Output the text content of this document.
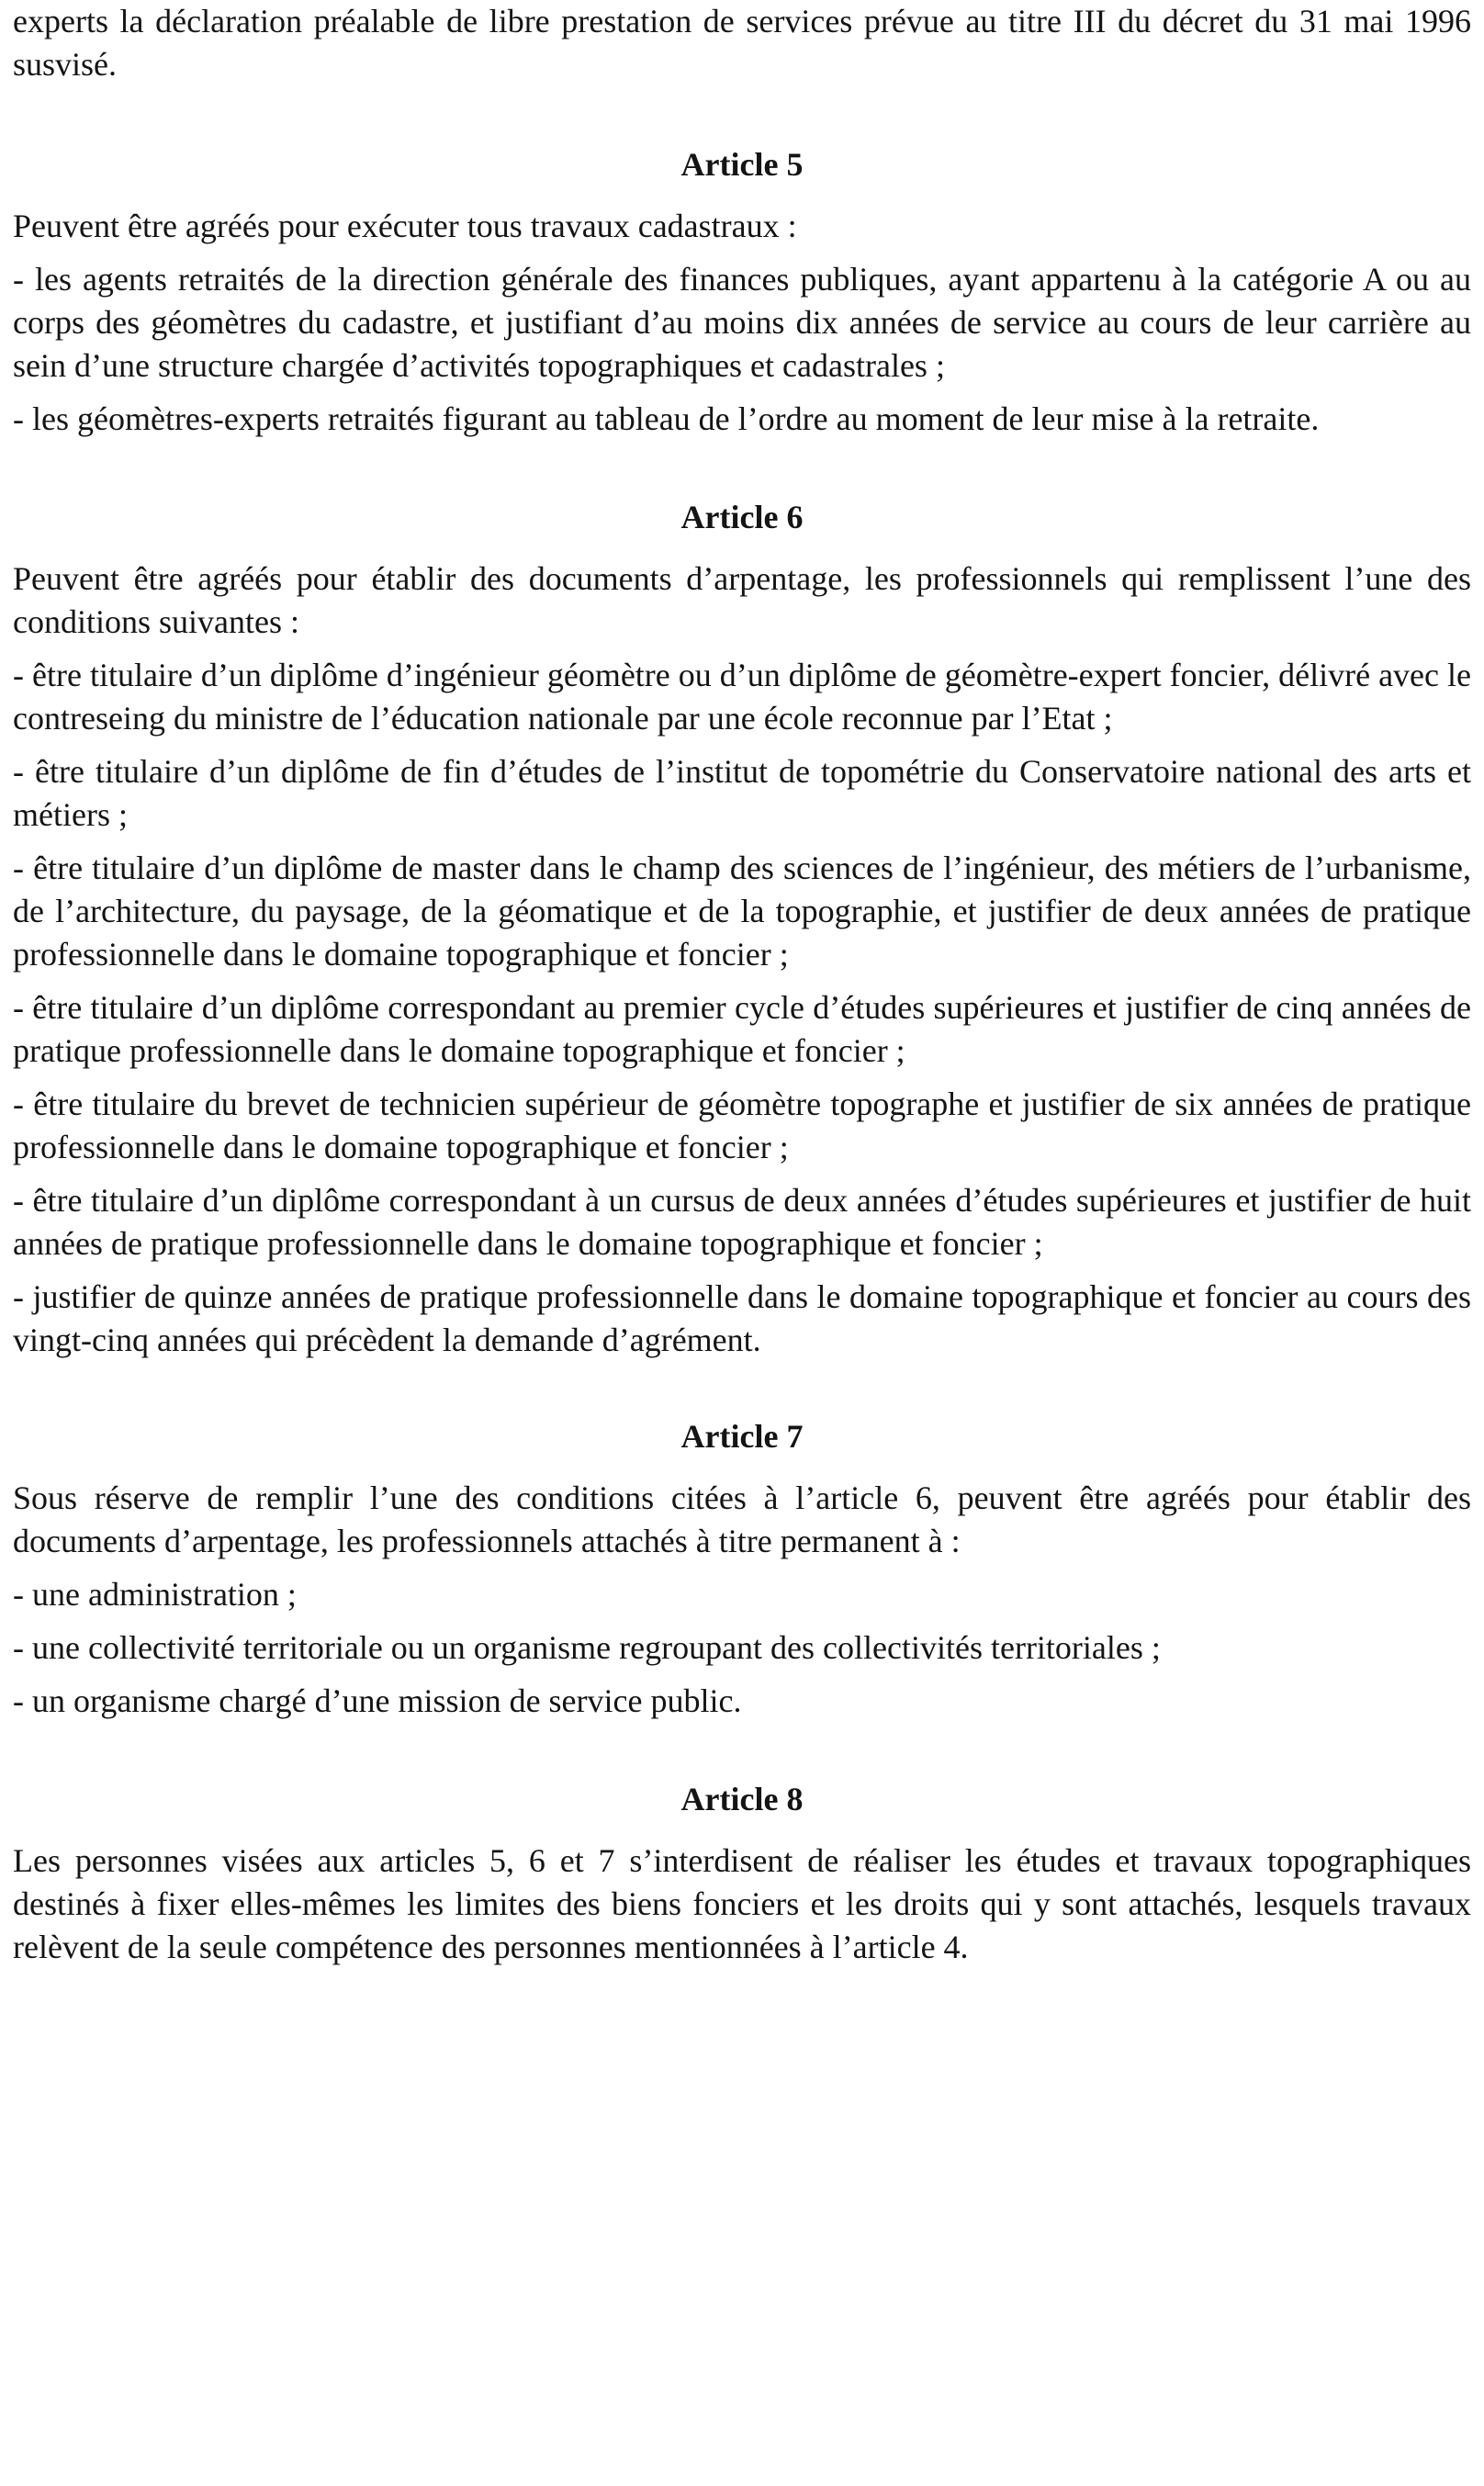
experts la déclaration préalable de libre prestation de services prévue au titre III du décret du 31 mai 1996 susvisé.

Article 5

Peuvent être agréés pour exécuter tous travaux cadastraux :

- les agents retraités de la direction générale des finances publiques, ayant appartenu à la catégorie A ou au corps des géomètres du cadastre, et justifiant d’au moins dix années de service au cours de leur carrière au sein d’une structure chargée d’activités topographiques et cadastrales ;

- les géomètres-experts retraités figurant au tableau de l’ordre au moment de leur mise à la retraite.

Article 6

Peuvent être agréés pour établir des documents d’arpentage, les professionnels qui remplissent l’une des conditions suivantes :

- être titulaire d’un diplôme d’ingénieur géomètre ou d’un diplôme de géomètre-expert foncier, délivré avec le contreseing du ministre de l’éducation nationale par une école reconnue par l’Etat ;

- être titulaire d’un diplôme de fin d’études de l’institut de topométrie du Conservatoire national des arts et métiers ;

- être titulaire d’un diplôme de master dans le champ des sciences de l’ingénieur, des métiers de l’urbanisme, de l’architecture, du paysage, de la géomatique et de la topographie, et justifier de deux années de pratique professionnelle dans le domaine topographique et foncier ;

- être titulaire d’un diplôme correspondant au premier cycle d’études supérieures et justifier de cinq années de pratique professionnelle dans le domaine topographique et foncier ;

- être titulaire du brevet de technicien supérieur de géomètre topographe et justifier de six années de pratique professionnelle dans le domaine topographique et foncier ;

- être titulaire d’un diplôme correspondant à un cursus de deux années d’études supérieures et justifier de huit années de pratique professionnelle dans le domaine topographique et foncier ;

- justifier de quinze années de pratique professionnelle dans le domaine topographique et foncier au cours des vingt-cinq années qui précèdent la demande d’agrément.

Article 7

Sous réserve de remplir l’une des conditions citées à l’article 6, peuvent être agréés pour établir des documents d’arpentage, les professionnels attachés à titre permanent à :

- une administration ;

- une collectivité territoriale ou un organisme regroupant des collectivités territoriales ;

- un organisme chargé d’une mission de service public.

Article 8

Les personnes visées aux articles 5, 6 et 7 s’interdisent de réaliser les études et travaux topographiques destinés à fixer elles-mêmes les limites des biens fonciers et les droits qui y sont attachés, lesquels travaux relèvent de la seule compétence des personnes mentionnées à l’article 4.
